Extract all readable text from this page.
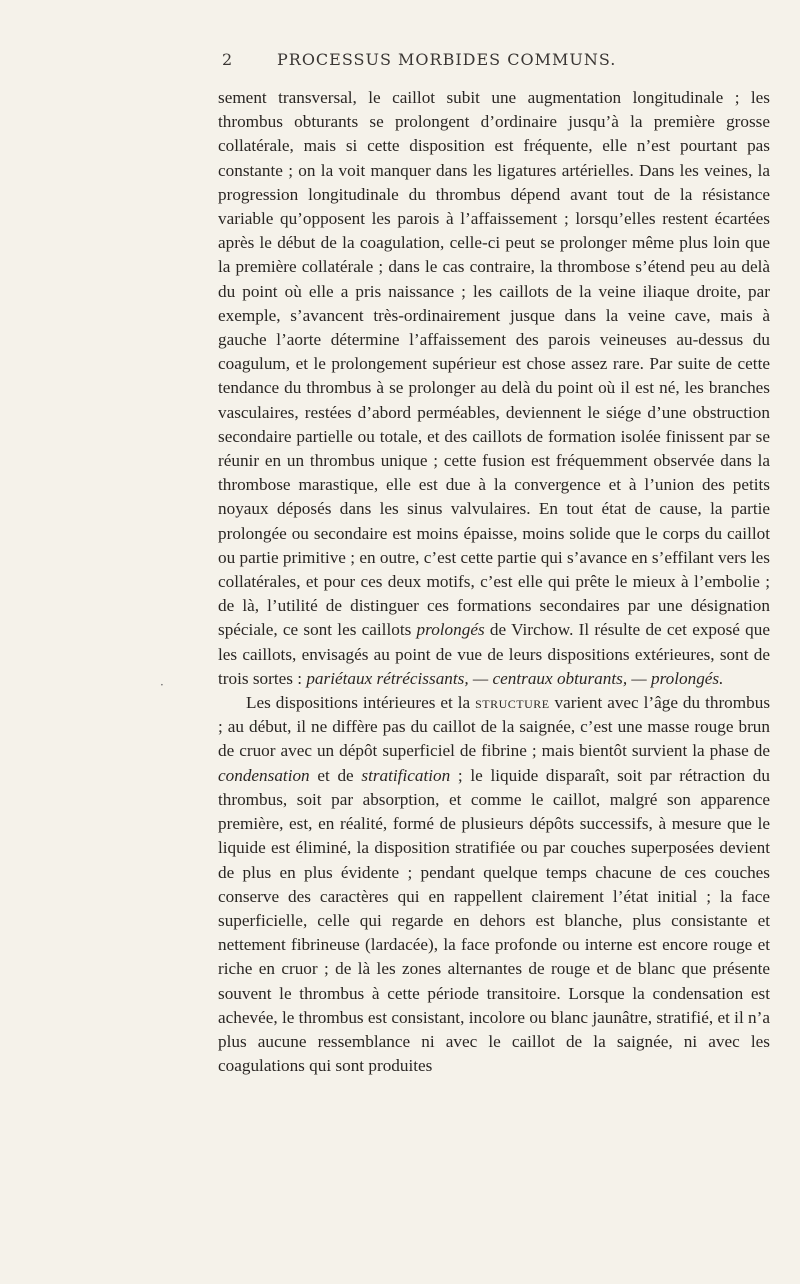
2	PROCESSUS MORBIDES COMMUNS.
·

sement transversal, le caillot subit une augmentation longitudinale ; les thrombus obturants se prolongent d’ordinaire jusqu’à la première grosse collatérale, mais si cette disposition est fréquente, elle n’est pourtant pas constante ; on la voit manquer dans les ligatures artérielles. Dans les veines, la progression longitudinale du thrombus dépend avant tout de la résistance variable qu’opposent les parois à l’affaissement ; lorsqu’elles restent écartées après le début de la coagulation, celle-ci peut se prolonger même plus loin que la première collatérale ; dans le cas contraire, la thrombose s’étend peu au delà du point où elle a pris naissance ; les caillots de la veine iliaque droite, par exemple, s’avancent très-ordinairement jusque dans la veine cave, mais à gauche l’aorte détermine l’affaissement des parois veineuses au-dessus du coagulum, et le prolongement supérieur est chose assez rare. Par suite de cette tendance du thrombus à se prolonger au delà du point où il est né, les branches vasculaires, restées d’abord perméables, deviennent le siége d’une obstruction secondaire partielle ou totale, et des caillots de formation isolée finissent par se réunir en un thrombus unique ; cette fusion est fréquemment observée dans la thrombose marastique, elle est due à la convergence et à l’union des petits noyaux déposés dans les sinus valvulaires. En tout état de cause, la partie prolongée ou secondaire est moins épaisse, moins solide que le corps du caillot ou partie primitive ; en outre, c’est cette partie qui s’avance en s’effilant vers les collatérales, et pour ces deux motifs, c’est elle qui prête le mieux à l’embolie ; de là, l’utilité de distinguer ces formations secondaires par une désignation spéciale, ce sont les caillots prolongés de Virchow. Il résulte de cet exposé que les caillots, envisagés au point de vue de leurs dispositions extérieures, sont de trois sortes : pariétaux rétrécissants, — centraux obturants, — prolongés.

Les dispositions intérieures et la structure varient avec l’âge du thrombus ; au début, il ne diffère pas du caillot de la saignée, c’est une masse rouge brun de cruor avec un dépôt superficiel de fibrine ; mais bientôt survient la phase de condensation et de stratification ; le liquide disparaît, soit par rétraction du thrombus, soit par absorption, et comme le caillot, malgré son apparence première, est, en réalité, formé de plusieurs dépôts successifs, à mesure que le liquide est éliminé, la disposition stratifiée ou par couches superposées devient de plus en plus évidente ; pendant quelque temps chacune de ces couches conserve des caractères qui en rappellent clairement l’état initial ; la face superficielle, celle qui regarde en dehors est blanche, plus consistante et nettement fibrineuse (lardacée), la face profonde ou interne est encore rouge et riche en cruor ; de là les zones alternantes de rouge et de blanc que présente souvent le thrombus à cette période transitoire. Lorsque la condensation est achevée, le thrombus est consistant, incolore ou blanc jaunâtre, stratifié, et il n’a plus aucune ressemblance ni avec le caillot de la saignée, ni avec les coagulations qui sont produites
